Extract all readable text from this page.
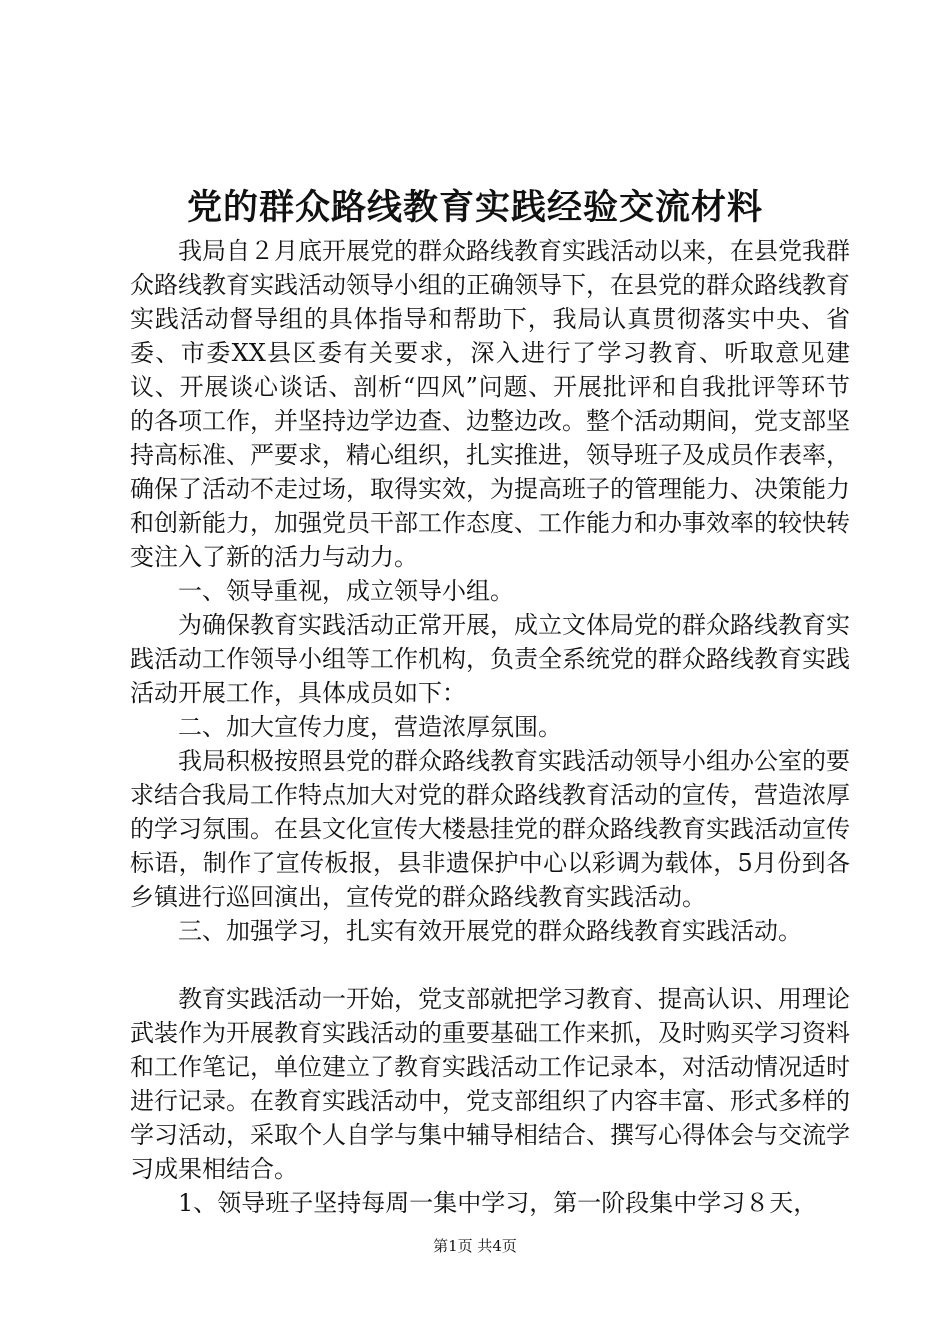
党的群众路线教育实践经验交流材料

我局自２月底开展党的群众路线教育实践活动以来，在县党我群众路线教育实践活动领导小组的正确领导下，在县党的群众路线教育实践活动督导组的具体指导和帮助下，我局认真贯彻落实中央、省委、市委XX县区委有关要求，深入进行了学习教育、听取意见建议、开展谈心谈话、剖析“四风”问题、开展批评和自我批评等环节的各项工作，并坚持边学边查、边整边改。整个活动期间，党支部坚持高标准、严要求，精心组织，扎实推进，领导班子及成员作表率，确保了活动不走过场，取得实效，为提高班子的管理能力、决策能力和创新能力，加强党员干部工作态度、工作能力和办事效率的较快转变注入了新的活力与动力。

一、领导重视，成立领导小组。

为确保教育实践活动正常开展，成立文体局党的群众路线教育实践活动工作领导小组等工作机构，负责全系统党的群众路线教育实践活动开展工作，具体成员如下：

二、加大宣传力度，营造浓厚氛围。

我局积极按照县党的群众路线教育实践活动领导小组办公室的要求结合我局工作特点加大对党的群众路线教育活动的宣传，营造浓厚的学习氛围。在县文化宣传大楼悬挂党的群众路线教育实践活动宣传标语，制作了宣传板报，县非遗保护中心以彩调为载体，5月份到各乡镇进行巡回演出，宣传党的群众路线教育实践活动。

三、加强学习，扎实有效开展党的群众路线教育实践活动。

教育实践活动一开始，党支部就把学习教育、提高认识、用理论武装作为开展教育实践活动的重要基础工作来抓，及时购买学习资料和工作笔记，单位建立了教育实践活动工作记录本，对活动情况适时进行记录。在教育实践活动中，党支部组织了内容丰富、形式多样的学习活动，采取个人自学与集中辅导相结合、撰写心得体会与交流学习成果相结合。

1、领导班子坚持每周一集中学习，第一阶段集中学习８天，

第1页 共4页
